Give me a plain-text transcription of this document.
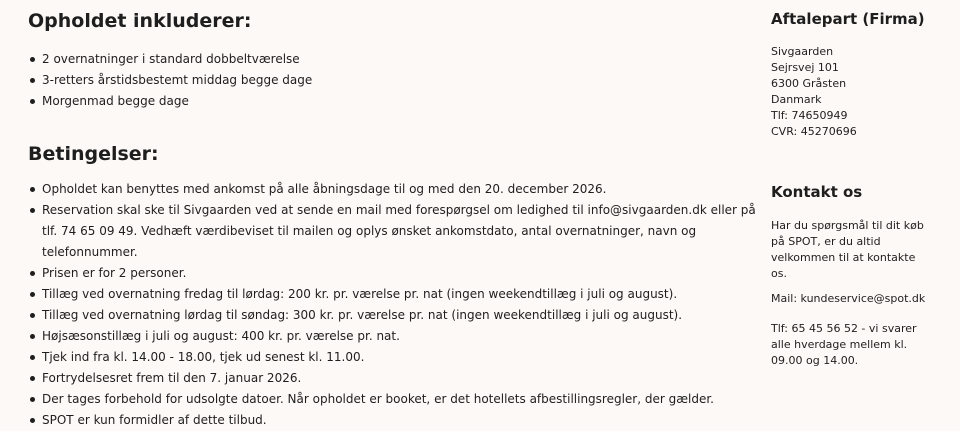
Opholdet inkluderer:
2 overnatninger i standard dobbeltværelse
3-retters årstidsbestemt middag begge dage
Morgenmad begge dage
Betingelser:
Opholdet kan benyttes med ankomst på alle åbningsdage til og med den 20. december 2026.
Reservation skal ske til Sivgaarden ved at sende en mail med forespørgsel om ledighed til info@sivgaarden.dk eller på tlf. 74 65 09 49. Vedhæft værdibeviset til mailen og oplys ønsket ankomstdato, antal overnatninger, navn og telefonnummer.
Prisen er for 2 personer.
Tillæg ved overnatning fredag til lørdag: 200 kr. pr. værelse pr. nat (ingen weekendtillæg i juli og august).
Tillæg ved overnatning lørdag til søndag: 300 kr. pr. værelse pr. nat (ingen weekendtillæg i juli og august).
Højsæsonstillæg i juli og august: 400 kr. pr. værelse pr. nat.
Tjek ind fra kl. 14.00 - 18.00, tjek ud senest kl. 11.00.
Fortrydelsesret frem til den 7. januar 2026.
Der tages forbehold for udsolgte datoer. Når opholdet er booket, er det hotellets afbestillingsregler, der gælder.
SPOT er kun formidler af dette tilbud.
Aftalepart (Firma)
Sivgaarden
Sejrsvej 101
6300 Gråsten
Danmark
Tlf: 74650949
CVR: 45270696
Kontakt os
Har du spørgsmål til dit køb på SPOT, er du altid velkommen til at kontakte os.
Mail: kundeservice@spot.dk
Tlf: 65 45 56 52 - vi svarer alle hverdage mellem kl. 09.00 og 14.00.
